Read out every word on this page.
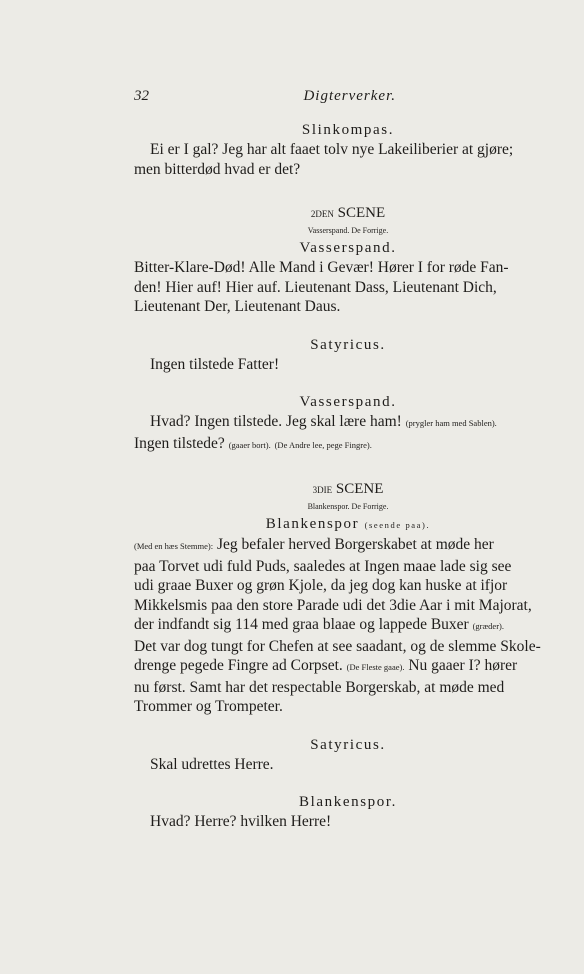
32	Digterverker.

Slinkompas.

Ei er I gal? Jeg har alt faaet tolv nye Lakeiliberier at gjøre;

men bitterdød hvad er det?

2DEN SCENE

Vasserspand. De Forrige.

Vasserspand.

Bitter-Klare-Død! Alle Mand i Gevær! Hører I for røde Fan-

den! Hier auf! Hier auf. Lieutenant Dass, Lieutenant Dich,

Lieutenant Der, Lieutenant Daus.

Satyricus.

Ingen tilstede Fatter!

Vasserspand.

Hvad? Ingen tilstede. Jeg skal lære ham! (prygler ham med Sablen).

Ingen tilstede? (gaaer bort). (De Andre lee, pege Fingre).

3DIE SCENE

Blankenspor. De Forrige.

Blankenspor (seende paa).

(Med en hæs Stemme): Jeg befaler herved Borgerskabet at møde her

paa Torvet udi fuld Puds, saaledes at Ingen maae lade sig see

udi graae Buxer og grøn Kjole, da jeg dog kan huske at ifjor

Mikkelsmis paa den store Parade udi det 3die Aar i mit Majorat,

der indfandt sig 114 med graa blaae og lappede Buxer (græder).

Det var dog tungt for Chefen at see saadant, og de slemme Skole-

drenge pegede Fingre ad Corpset. (De Fleste gaae). Nu gaaer I? hører

nu først. Samt har det respectable Borgerskab, at møde med

Trommer og Trompeter.

Satyricus.

Skal udrettes Herre.

Blankenspor.

Hvad? Herre? hvilken Herre!
